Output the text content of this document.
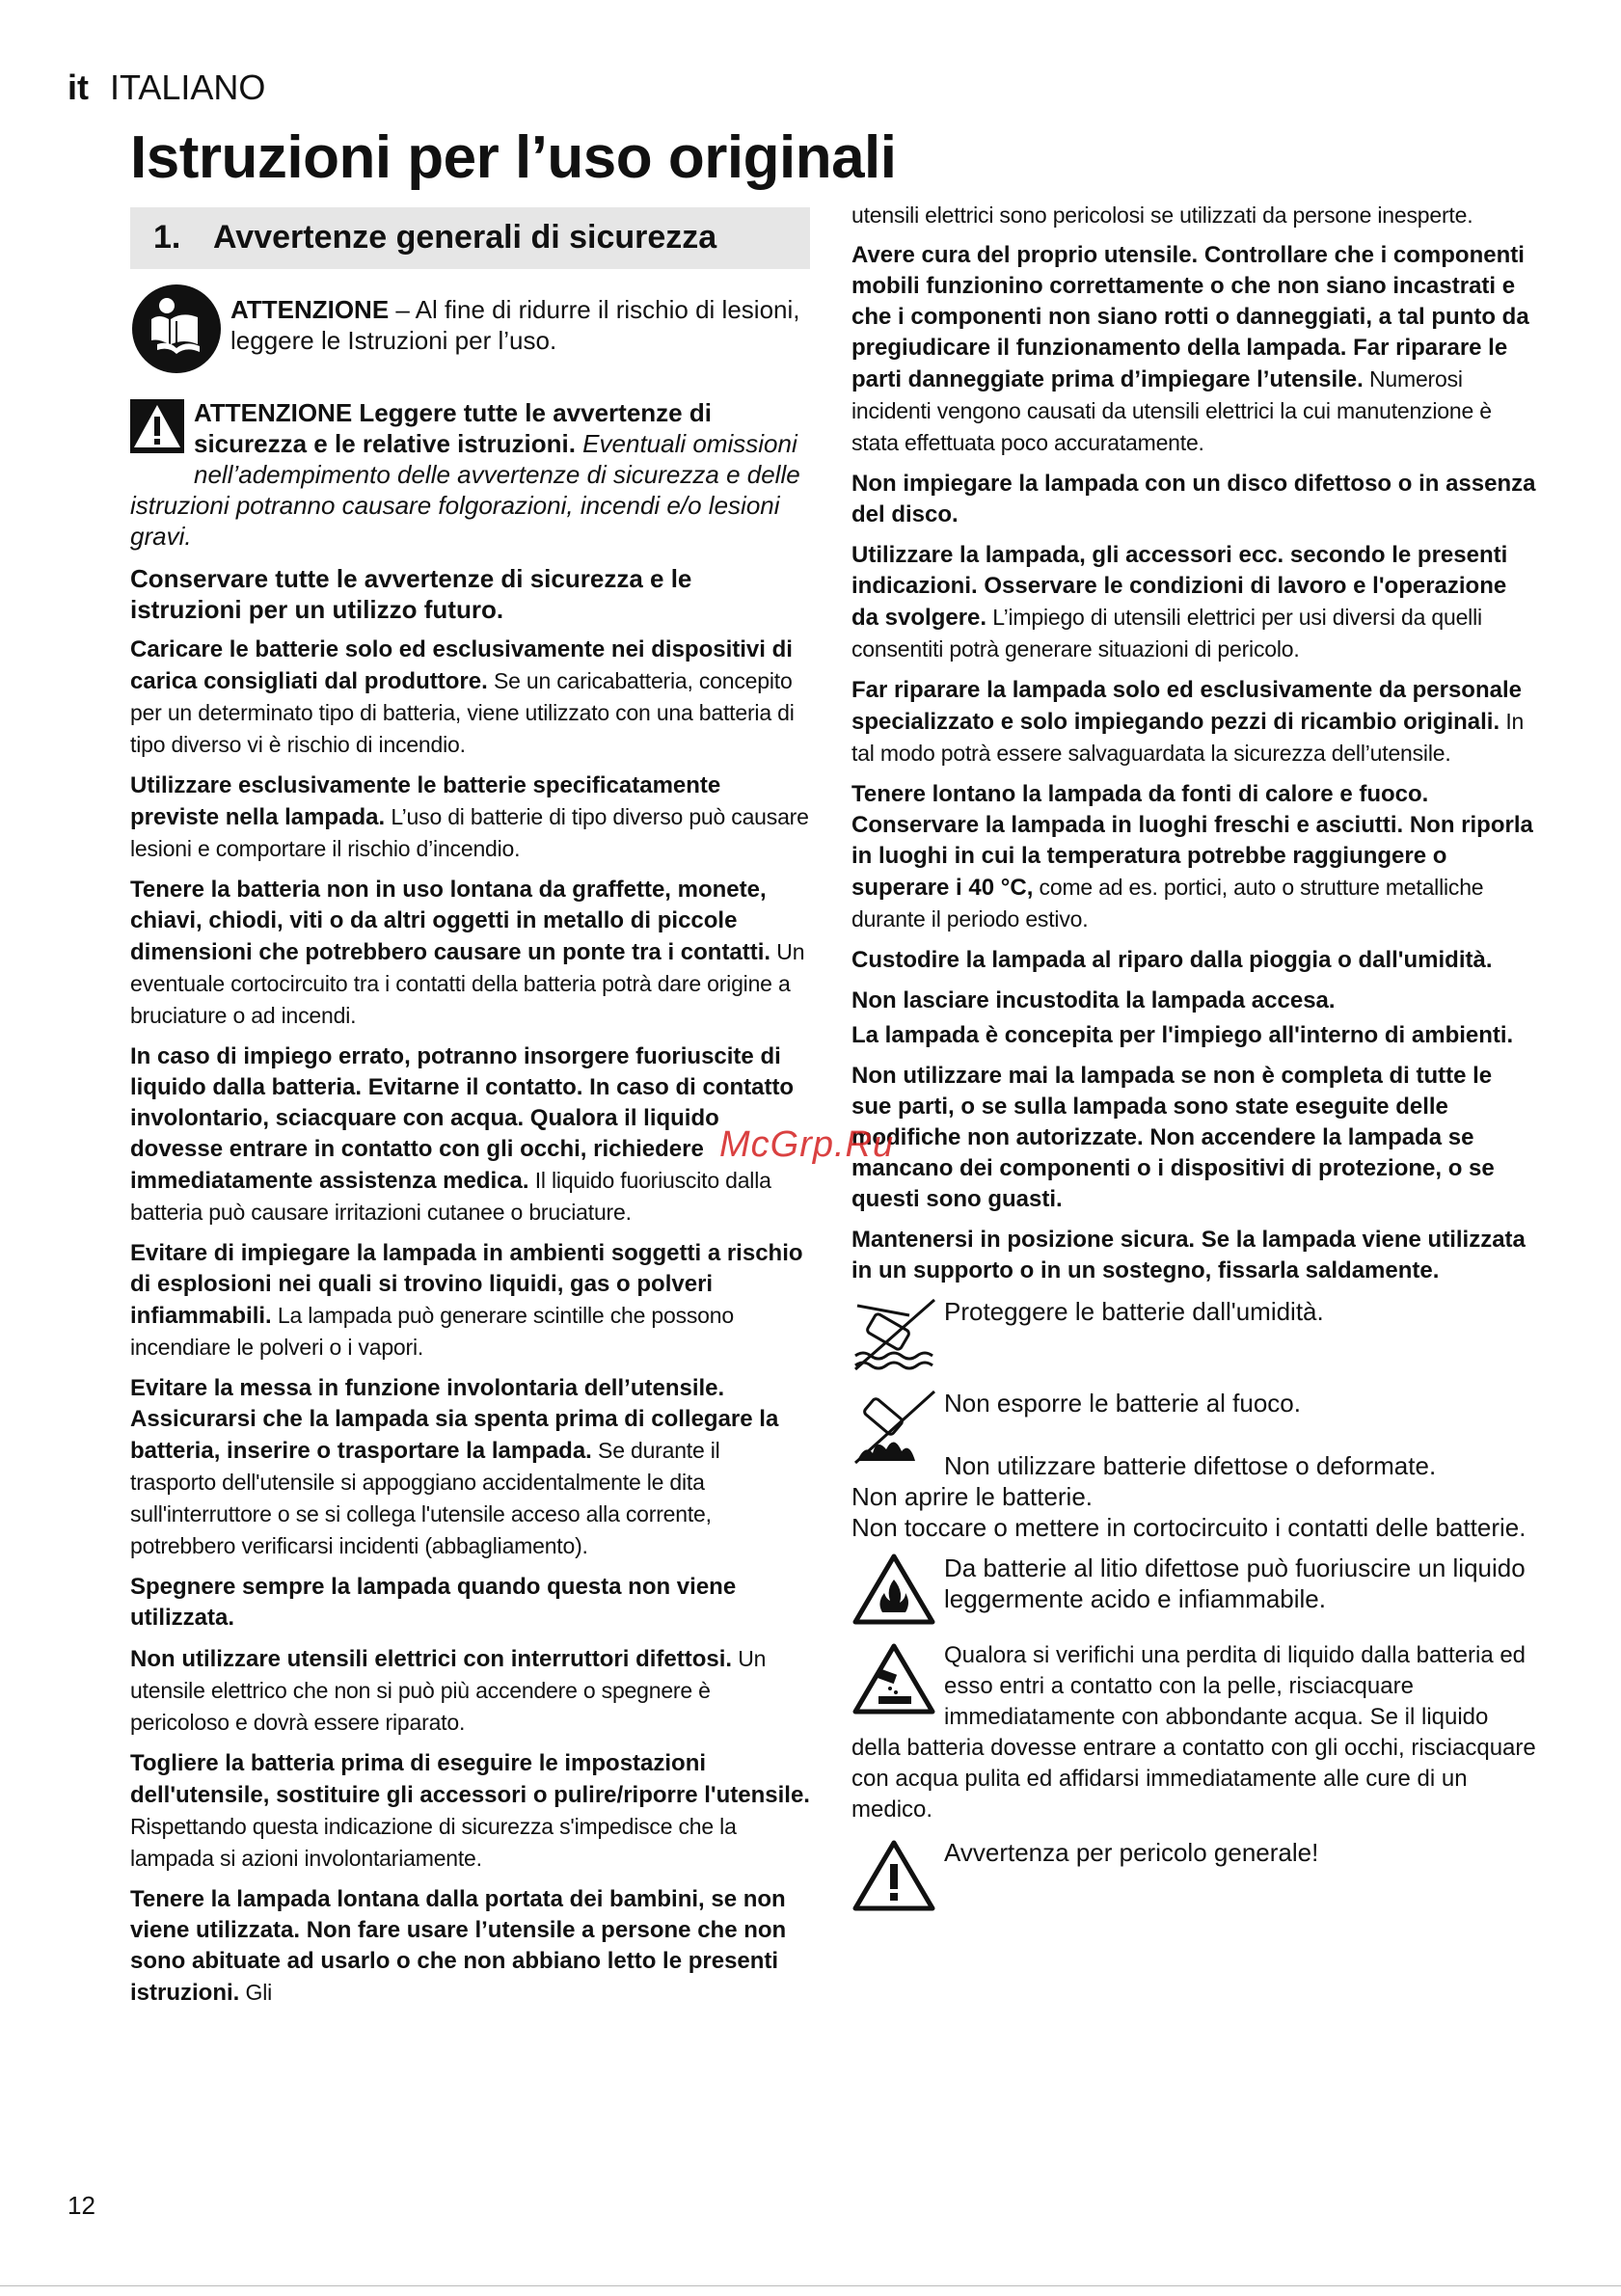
it ITALIANO
Istruzioni per l’uso originali
1. Avvertenze generali di sicurezza
ATTENZIONE – Al fine di ridurre il rischio di lesioni, leggere le Istruzioni per l’uso.
ATTENZIONE Leggere tutte le avvertenze di sicurezza e le relative istruzioni. Eventuali omissioni nell’adempimento delle avvertenze di sicurezza e delle istruzioni potranno causare folgorazioni, incendi e/o lesioni gravi.

Conservare tutte le avvertenze di sicurezza e le istruzioni per un utilizzo futuro.

Caricare le batterie solo ed esclusivamente nei dispositivi di carica consigliati dal produttore. Se un caricabatteria, concepito per un determinato tipo di batteria, viene utilizzato con una batteria di tipo diverso vi è rischio di incendio.

Utilizzare esclusivamente le batterie specificatamente previste nella lampada. L’uso di batterie di tipo diverso può causare lesioni e comportare il rischio d’incendio.

Tenere la batteria non in uso lontana da graffette, monete, chiavi, chiodi, viti o da altri oggetti in metallo di piccole dimensioni che potrebbero causare un ponte tra i contatti. Un eventuale cortocircuito tra i contatti della batteria potrà dare origine a bruciature o ad incendi.

In caso di impiego errato, potranno insorgere fuoriuscite di liquido dalla batteria. Evitarne il contatto. In caso di contatto involontario, sciacquare con acqua. Qualora il liquido dovesse entrare in contatto con gli occhi, richiedere immediatamente assistenza medica. Il liquido fuoriuscito dalla batteria può causare irritazioni cutanee o bruciature.

Evitare di impiegare la lampada in ambienti soggetti a rischio di esplosioni nei quali si trovino liquidi, gas o polveri infiammabili. La lampada può generare scintille che possono incendiare le polveri o i vapori.

Evitare la messa in funzione involontaria dell’utensile. Assicurarsi che la lampada sia spenta prima di collegare la batteria, inserire o trasportare la lampada. Se durante il trasporto dell'utensile si appoggiano accidentalmente le dita sull'interruttore o se si collega l'utensile acceso alla corrente, potrebbero verificarsi incidenti (abbagliamento).

Spegnere sempre la lampada quando questa non viene utilizzata.

Non utilizzare utensili elettrici con interruttori difettosi. Un utensile elettrico che non si può più accendere o spegnere è pericoloso e dovrà essere riparato.

Togliere la batteria prima di eseguire le impostazioni dell'utensile, sostituire gli accessori o pulire/riporre l'utensile. Rispettando questa indicazione di sicurezza s'impedisce che la lampada si azioni involontariamente.

Tenere la lampada lontana dalla portata dei bambini, se non viene utilizzata. Non fare usare l’utensile a persone che non sono abituate ad usarlo o che non abbiano letto le presenti istruzioni. Gli

utensili elettrici sono pericolosi se utilizzati da persone inesperte.

Avere cura del proprio utensile. Controllare che i componenti mobili funzionino correttamente o che non siano incastrati e che i componenti non siano rotti o danneggiati, a tal punto da pregiudicare il funzionamento della lampada. Far riparare le parti danneggiate prima d’impiegare l’utensile. Numerosi incidenti vengono causati da utensili elettrici la cui manutenzione è stata effettuata poco accuratamente.

Non impiegare la lampada con un disco difettoso o in assenza del disco.

Utilizzare la lampada, gli accessori ecc. secondo le presenti indicazioni. Osservare le condizioni di lavoro e l'operazione da svolgere. L’impiego di utensili elettrici per usi diversi da quelli consentiti potrà generare situazioni di pericolo.

Far riparare la lampada solo ed esclusivamente da personale specializzato e solo impiegando pezzi di ricambio originali. In tal modo potrà essere salvaguardata la sicurezza dell’utensile.

Tenere lontano la lampada da fonti di calore e fuoco. Conservare la lampada in luoghi freschi e asciutti. Non riporla in luoghi in cui la temperatura potrebbe raggiungere o superare i 40 °C, come ad es. portici, auto o strutture metalliche durante il periodo estivo.

Custodire la lampada al riparo dalla pioggia o dall'umidità.

Non lasciare incustodita la lampada accesa.

La lampada è concepita per l'impiego all'interno di ambienti.

Non utilizzare mai la lampada se non è completa di tutte le sue parti, o se sulla lampada sono state eseguite delle modifiche non autorizzate. Non accendere la lampada se mancano dei componenti o i dispositivi di protezione, o se questi sono guasti.

Mantenersi in posizione sicura. Se la lampada viene utilizzata in un supporto o in un sostegno, fissarla saldamente.

Proteggere le batterie dall'umidità.
Non esporre le batterie al fuoco.
Non utilizzare batterie difettose o deformate.
Non aprire le batterie.
Non toccare o mettere in cortocircuito i contatti delle batterie.
Da batterie al litio difettose può fuoriuscire un liquido leggermente acido e infiammabile.
Qualora si verifichi una perdita di liquido dalla batteria ed esso entri a contatto con la pelle, risciacquare immediatamente con abbondante acqua. Se il liquido della batteria dovesse entrare a contatto con gli occhi, risciacquare con acqua pulita ed affidarsi immediatamente alle cure di un medico.
Avvertenza per pericolo generale!
McGrp.Ru
12
